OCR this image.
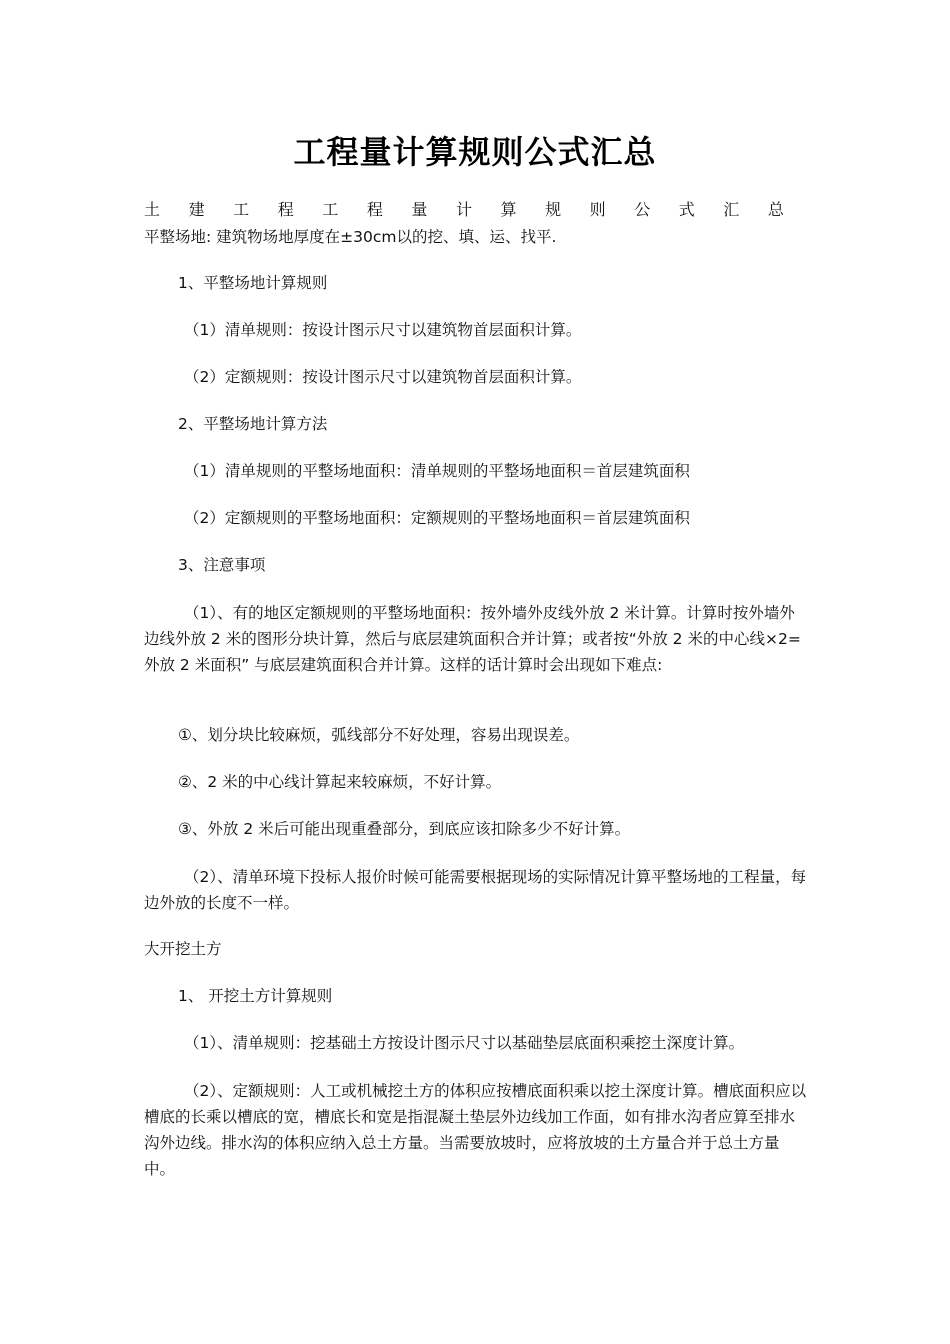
工程量计算规则公式汇总
土 建 工 程 工 程 量 计 算 规 则 公 式 汇 总

平整场地: 建筑物场地厚度在±30cm以的挖、填、运、找平.

1、平整场地计算规则

（1）清单规则：按设计图示尺寸以建筑物首层面积计算。

（2）定额规则：按设计图示尺寸以建筑物首层面积计算。

2、平整场地计算方法

（1）清单规则的平整场地面积：清单规则的平整场地面积＝首层建筑面积

（2）定额规则的平整场地面积：定额规则的平整场地面积＝首层建筑面积

3、注意事项

（1）、有的地区定额规则的平整场地面积：按外墙外皮线外放 2 米计算。计算时按外墙外边线外放 2 米的图形分块计算，然后与底层建筑面积合并计算；或者按“外放 2 米的中心线×2=外放 2 米面积” 与底层建筑面积合并计算。这样的话计算时会出现如下难点:

①、划分块比较麻烦，弧线部分不好处理，容易出现误差。

②、2 米的中心线计算起来较麻烦，不好计算。

③、外放 2 米后可能出现重叠部分，到底应该扣除多少不好计算。

（2）、清单环境下投标人报价时候可能需要根据现场的实际情况计算平整场地的工程量，每边外放的长度不一样。

大开挖土方

1、 开挖土方计算规则

（1）、清单规则：挖基础土方按设计图示尺寸以基础垫层底面积乘挖土深度计算。

（2）、定额规则：人工或机械挖土方的体积应按槽底面积乘以挖土深度计算。槽底面积应以槽底的长乘以槽底的宽，槽底长和宽是指混凝土垫层外边线加工作面，如有排水沟者应算至排水沟外边线。排水沟的体积应纳入总土方量。当需要放坡时，应将放坡的土方量合并于总土方量中。
